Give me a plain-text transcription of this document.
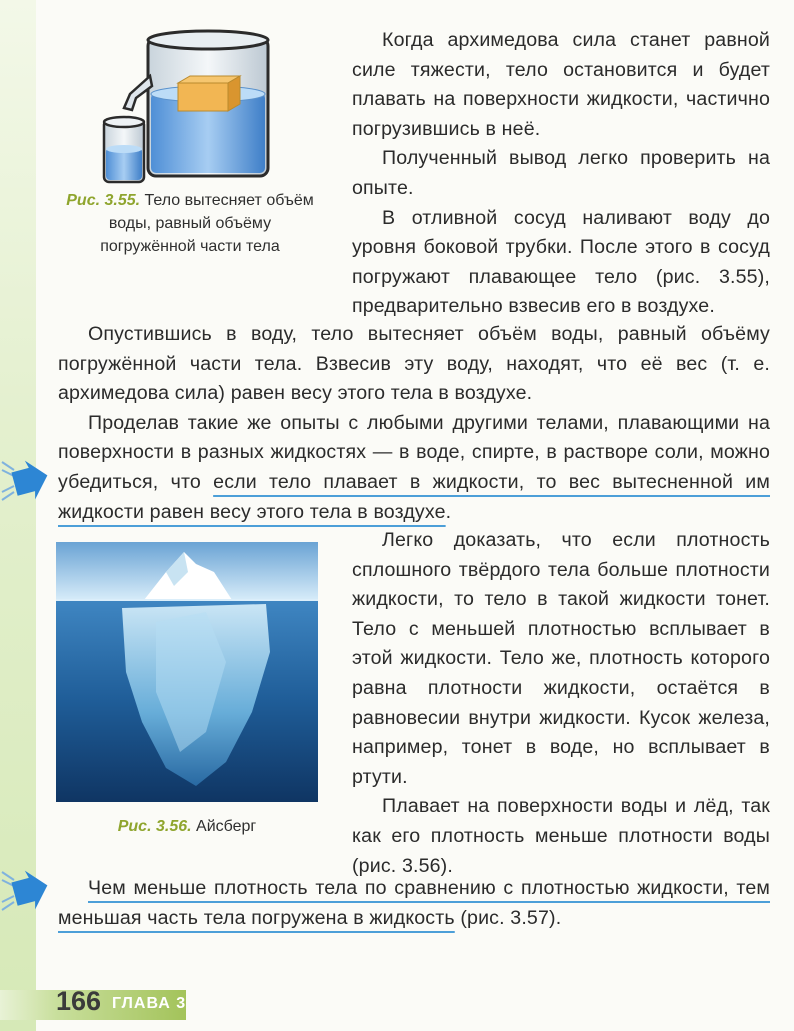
Рис. 3.55. Тело вытесняет объём воды, равный объёму погружённой части тела

Когда архимедова сила станет равной силе тяжести, тело остановится и будет плавать на поверхности жидкости, частично погрузившись в неё.

Полученный вывод легко проверить на опыте.

В отливной сосуд наливают воду до уровня боковой трубки. После этого в сосуд погружают плавающее тело (рис. 3.55), предварительно взвесив его в воздухе.

Опустившись в воду, тело вытесняет объём воды, равный объёму погружённой части тела. Взвесив эту воду, находят, что её вес (т. е. архимедова сила) равен весу этого тела в воздухе.

Проделав такие же опыты с любыми другими телами, плавающими на поверхности в разных жидкостях — в воде, спирте, в растворе соли, можно убедиться, что если тело плавает в жидкости, то вес вытесненной им жидкости равен весу этого тела в воздухе.

Рис. 3.56. Айсберг

Легко доказать, что если плотность сплошного твёрдого тела больше плотности жидкости, то тело в такой жидкости тонет. Тело с меньшей плотностью всплывает в этой жидкости. Тело же, плотность которого равна плотности жидкости, остаётся в равновесии внутри жидкости. Кусок железа, например, тонет в воде, но всплывает в ртути.

Плавает на поверхности воды и лёд, так как его плотность меньше плотности воды (рис. 3.56).

Чем меньше плотность тела по сравнению с плотностью жидкости, тем меньшая часть тела погружена в жидкость (рис. 3.57).

166 ГЛАВА 3
